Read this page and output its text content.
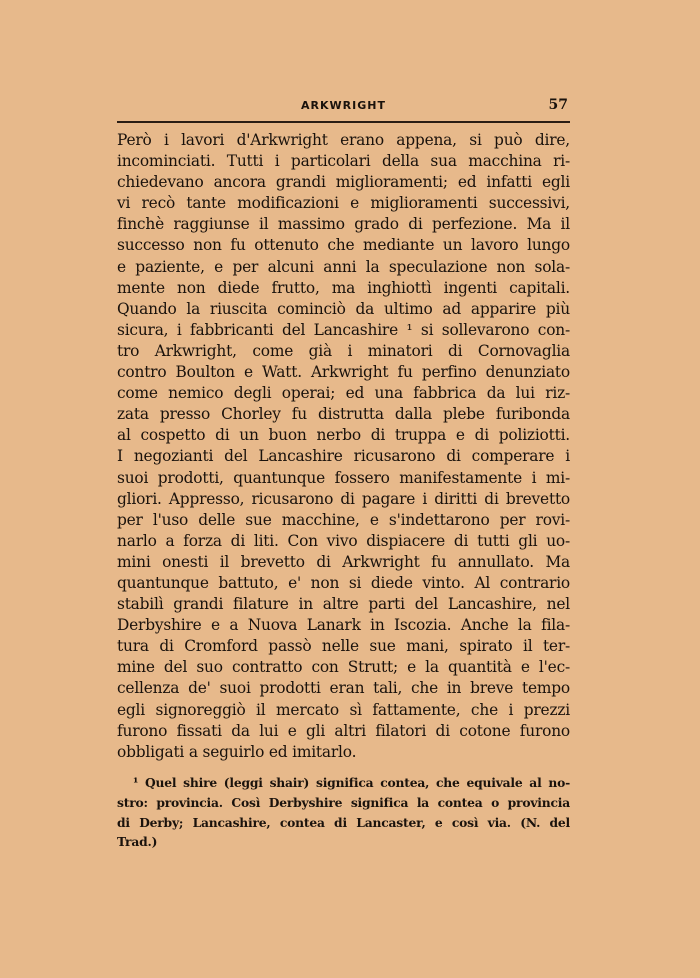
ARKWRIGHT	57
Però i lavori d'Arkwright erano appena, si può dire,
incominciati. Tutti i particolari della sua macchina ri-
chiedevano ancora grandi miglioramenti; ed infatti egli
vi recò tante modificazioni e miglioramenti successivi,
finchè raggiunse il massimo grado di perfezione. Ma il
successo non fu ottenuto che mediante un lavoro lungo
e paziente, e per alcuni anni la speculazione non sola-
mente non diede frutto, ma inghiottì ingenti capitali.
Quando la riuscita cominciò da ultimo ad apparire più
sicura, i fabbricanti del Lancashire ¹ si sollevarono con-
tro Arkwright, come già i minatori di Cornovaglia
contro Boulton e Watt. Arkwright fu perfino denunziato
come nemico degli operai; ed una fabbrica da lui riz-
zata presso Chorley fu distrutta dalla plebe furibonda
al cospetto di un buon nerbo di truppa e di poliziotti.
I negozianti del Lancashire ricusarono di comperare i
suoi prodotti, quantunque fossero manifestamente i mi-
gliori. Appresso, ricusarono di pagare i diritti di brevetto
per l'uso delle sue macchine, e s'indettarono per rovi-
narlo a forza di liti. Con vivo dispiacere di tutti gli uo-
mini onesti il brevetto di Arkwright fu annullato. Ma
quantunque battuto, e' non si diede vinto. Al contrario
stabilì grandi filature in altre parti del Lancashire, nel
Derbyshire e a Nuova Lanark in Iscozia. Anche la fila-
tura di Cromford passò nelle sue mani, spirato il ter-
mine del suo contratto con Strutt; e la quantità e l'ec-
cellenza de' suoi prodotti eran tali, che in breve tempo
egli signoreggiò il mercato sì fattamente, che i prezzi
furono fissati da lui e gli altri filatori di cotone furono
obbligati a seguirlo ed imitarlo.
¹ Quel shire (leggi shair) significa contea, che equivale al no-
stro: provincia. Così Derbyshire significa la contea o provincia
di Derby; Lancashire, contea di Lancaster, e così via. (N. del
Trad.)
